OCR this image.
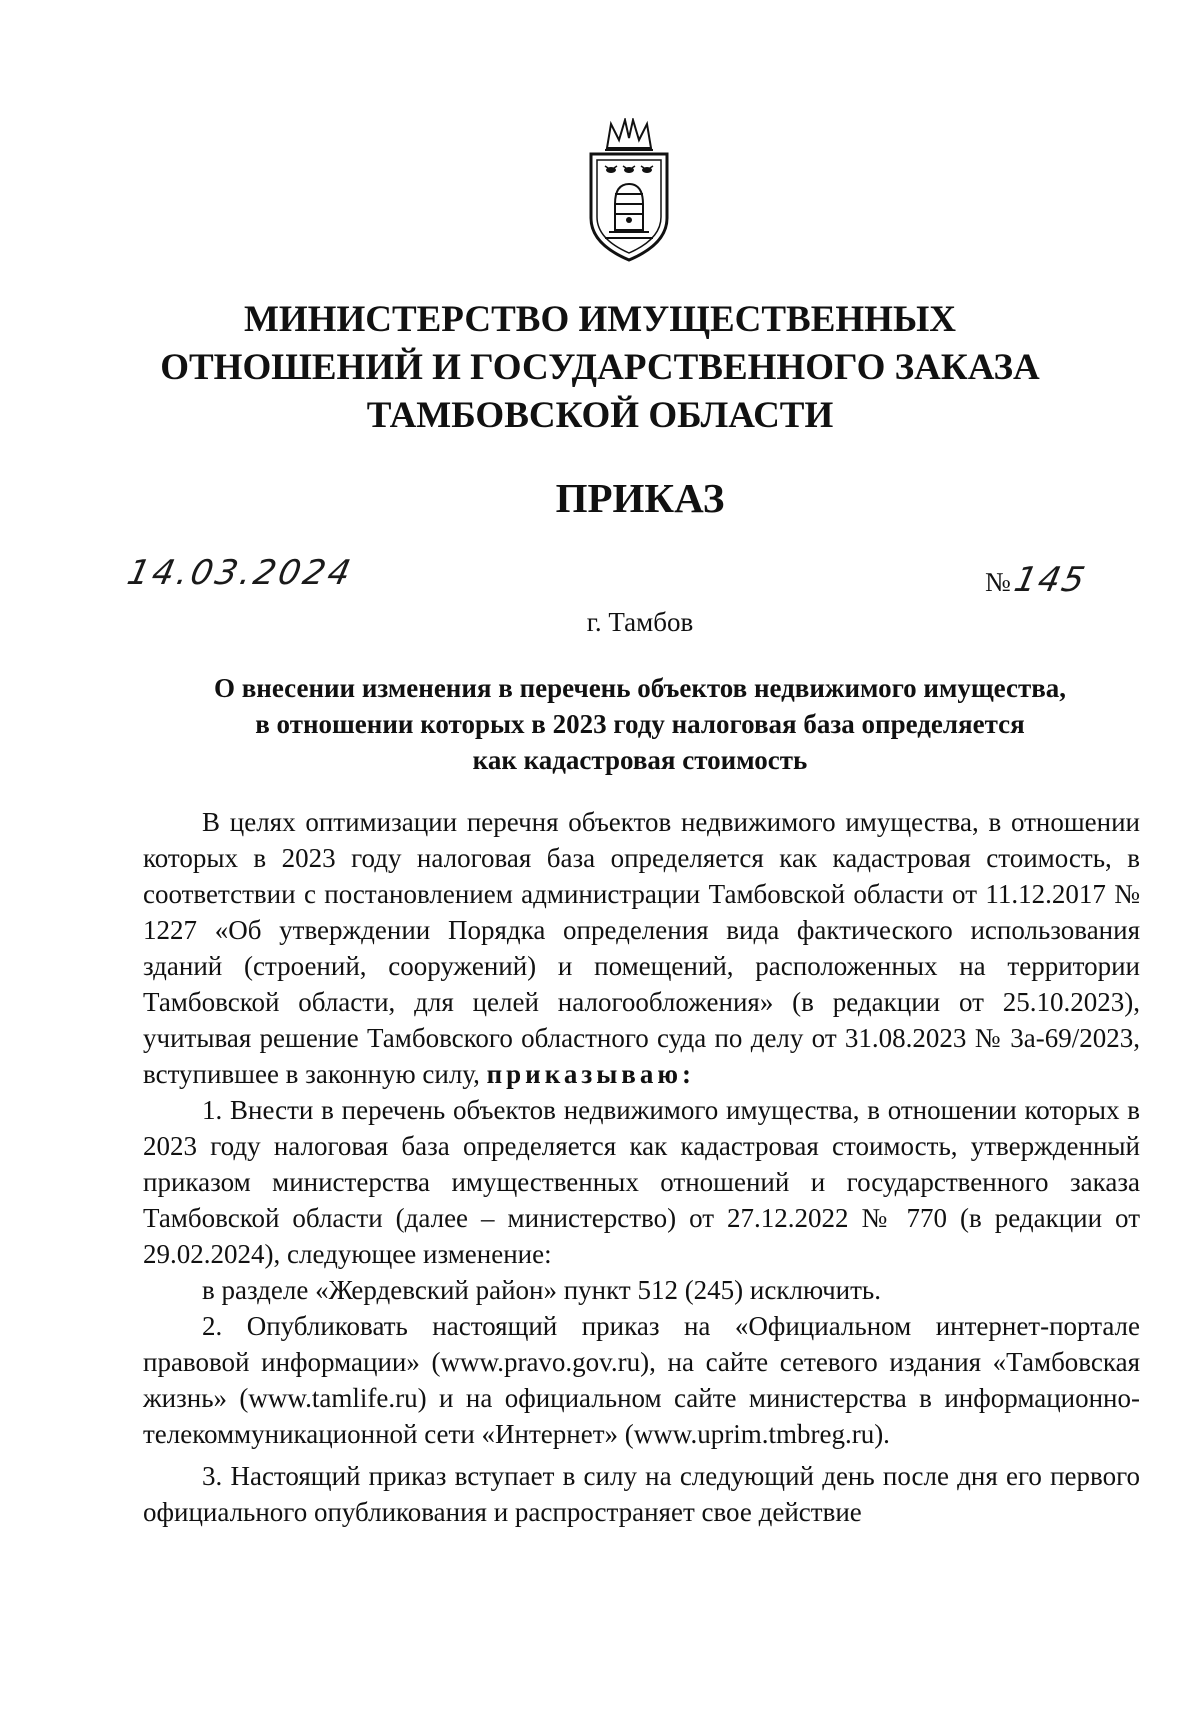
МИНИСТЕРСТВО ИМУЩЕСТВЕННЫХ
ОТНОШЕНИЙ И ГОСУДАРСТВЕННОГО ЗАКАЗА
ТАМБОВСКОЙ ОБЛАСТИ
ПРИКАЗ
14.03.2024	№145
г. Тамбов
О внесении изменения в перечень объектов недвижимого имущества,
в отношении которых в 2023 году налоговая база определяется
как кадастровая стоимость

В целях оптимизации перечня объектов недвижимого имущества, в отношении которых в 2023 году налоговая база определяется как кадастровая стоимость, в соответствии с постановлением администрации Тамбовской области от 11.12.2017 № 1227 «Об утверждении Порядка определения вида фактического использования зданий (строений, сооружений) и помещений, расположенных на территории Тамбовской области, для целей налогообложения» (в редакции от 25.10.2023), учитывая решение Тамбовского областного суда по делу от 31.08.2023 № 3а-69/2023, вступившее в законную силу, приказываю:

1. Внести в перечень объектов недвижимого имущества, в отношении которых в 2023 году налоговая база определяется как кадастровая стоимость, утвержденный приказом министерства имущественных отношений и государственного заказа Тамбовской области (далее – министерство) от 27.12.2022 № 770 (в редакции от 29.02.2024), следующее изменение:

в разделе «Жердевский район» пункт 512 (245) исключить.

2. Опубликовать настоящий приказ на «Официальном интернет-портале правовой информации» (www.pravo.gov.ru), на сайте сетевого издания «Тамбовская жизнь» (www.tamlife.ru) и на официальном сайте министерства в информационно-телекоммуникационной сети «Интернет» (www.uprim.tmbreg.ru).

3. Настоящий приказ вступает в силу на следующий день после дня его первого официального опубликования и распространяет свое действие
